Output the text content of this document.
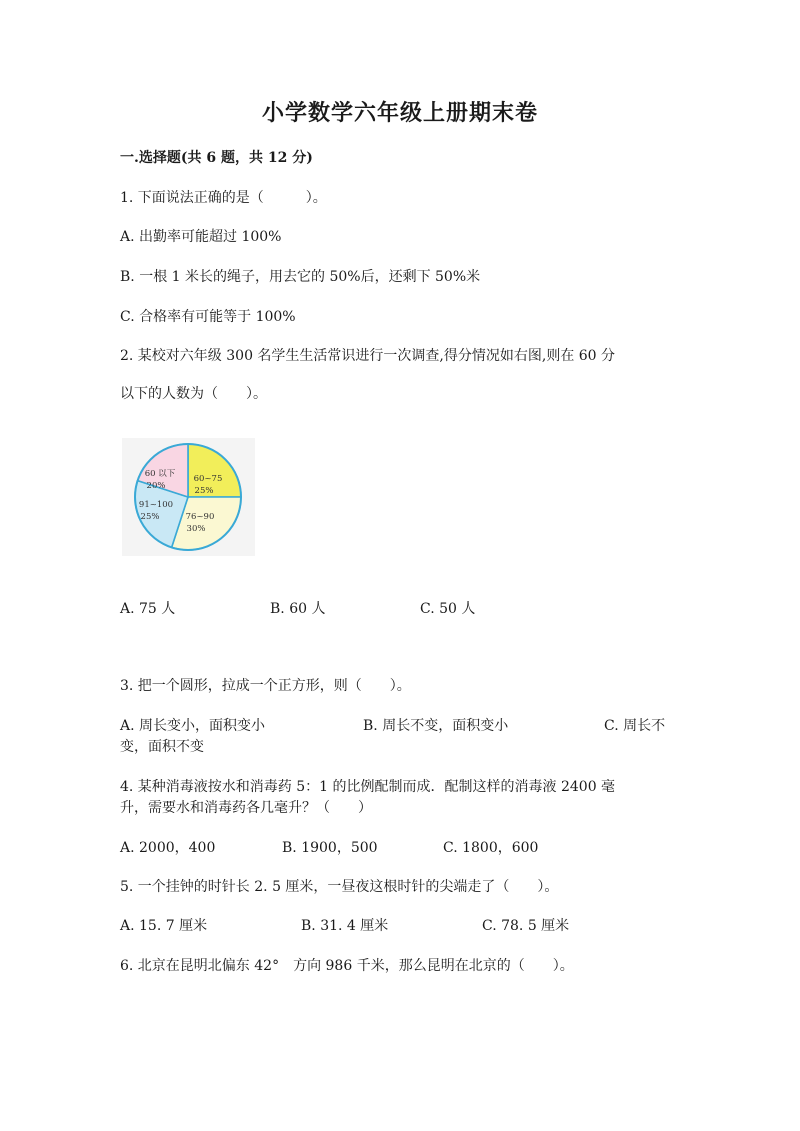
小学数学六年级上册期末卷
一.选择题(共 6 题，共 12 分)
1. 下面说法正确的是（　　　）。
A. 出勤率可能超过 100%
B. 一根 1 米长的绳子，用去它的 50%后，还剩下 50%米
C. 合格率有可能等于 100%
2. 某校对六年级 300 名学生生活常识进行一次调查,得分情况如右图,则在 60 分
以下的人数为（　　）。
60~75
25%
76~90
30%
91~100
25%
60 以下
20%
A. 75 人	B. 60 人	C. 50 人
3. 把一个圆形，拉成一个正方形，则（　　）。
A. 周长变小，面积变小	B. 周长不变，面积变小	C. 周长不
变，面积不变
4. 某种消毒液按水和消毒药 5：1 的比例配制而成．配制这样的消毒液 2400 毫
升，需要水和消毒药各几毫升？（　　）
A. 2000，400	B. 1900，500	C. 1800，600
5. 一个挂钟的时针长 2. 5 厘米，一昼夜这根时针的尖端走了（　　）。
A. 15. 7 厘米	B. 31. 4 厘米	C. 78. 5 厘米
6. 北京在昆明北偏东 42°　方向 986 千米，那么昆明在北京的（　　）。
